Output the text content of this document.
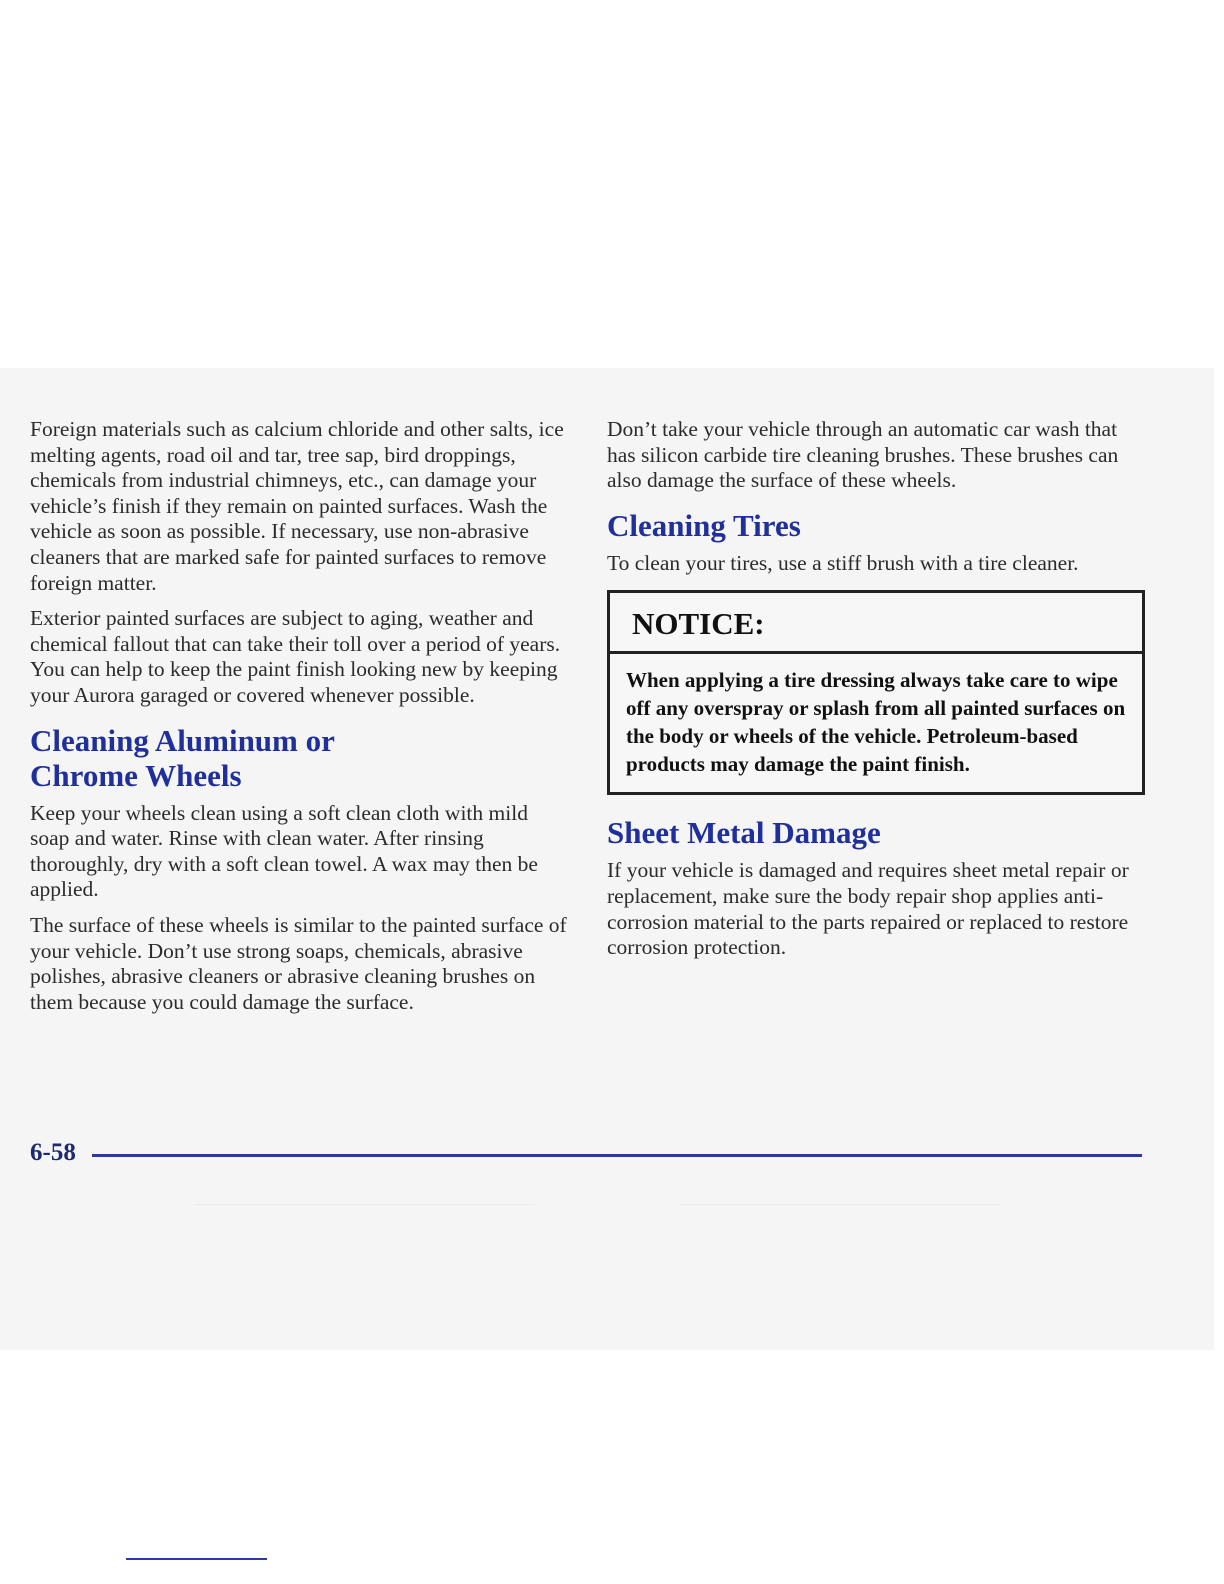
Foreign materials such as calcium chloride and other salts, ice melting agents, road oil and tar, tree sap, bird droppings, chemicals from industrial chimneys, etc., can damage your vehicle’s finish if they remain on painted surfaces. Wash the vehicle as soon as possible. If necessary, use non-abrasive cleaners that are marked safe for painted surfaces to remove foreign matter.

Exterior painted surfaces are subject to aging, weather and chemical fallout that can take their toll over a period of years. You can help to keep the paint finish looking new by keeping your Aurora garaged or covered whenever possible.

Cleaning Aluminum or
Chrome Wheels

Keep your wheels clean using a soft clean cloth with mild soap and water. Rinse with clean water. After rinsing thoroughly, dry with a soft clean towel. A wax may then be applied.

The surface of these wheels is similar to the painted surface of your vehicle. Don’t use strong soaps, chemicals, abrasive polishes, abrasive cleaners or abrasive cleaning brushes on them because you could damage the surface.

Don’t take your vehicle through an automatic car wash that has silicon carbide tire cleaning brushes. These brushes can also damage the surface of these wheels.

Cleaning Tires

To clean your tires, use a stiff brush with a tire cleaner.

NOTICE:
When applying a tire dressing always take care to wipe off any overspray or splash from all painted surfaces on the body or wheels of the vehicle. Petroleum-based products may damage the paint finish.
Sheet Metal Damage

If your vehicle is damaged and requires sheet metal repair or replacement, make sure the body repair shop applies anti-corrosion material to the parts repaired or replaced to restore corrosion protection.

6-58
